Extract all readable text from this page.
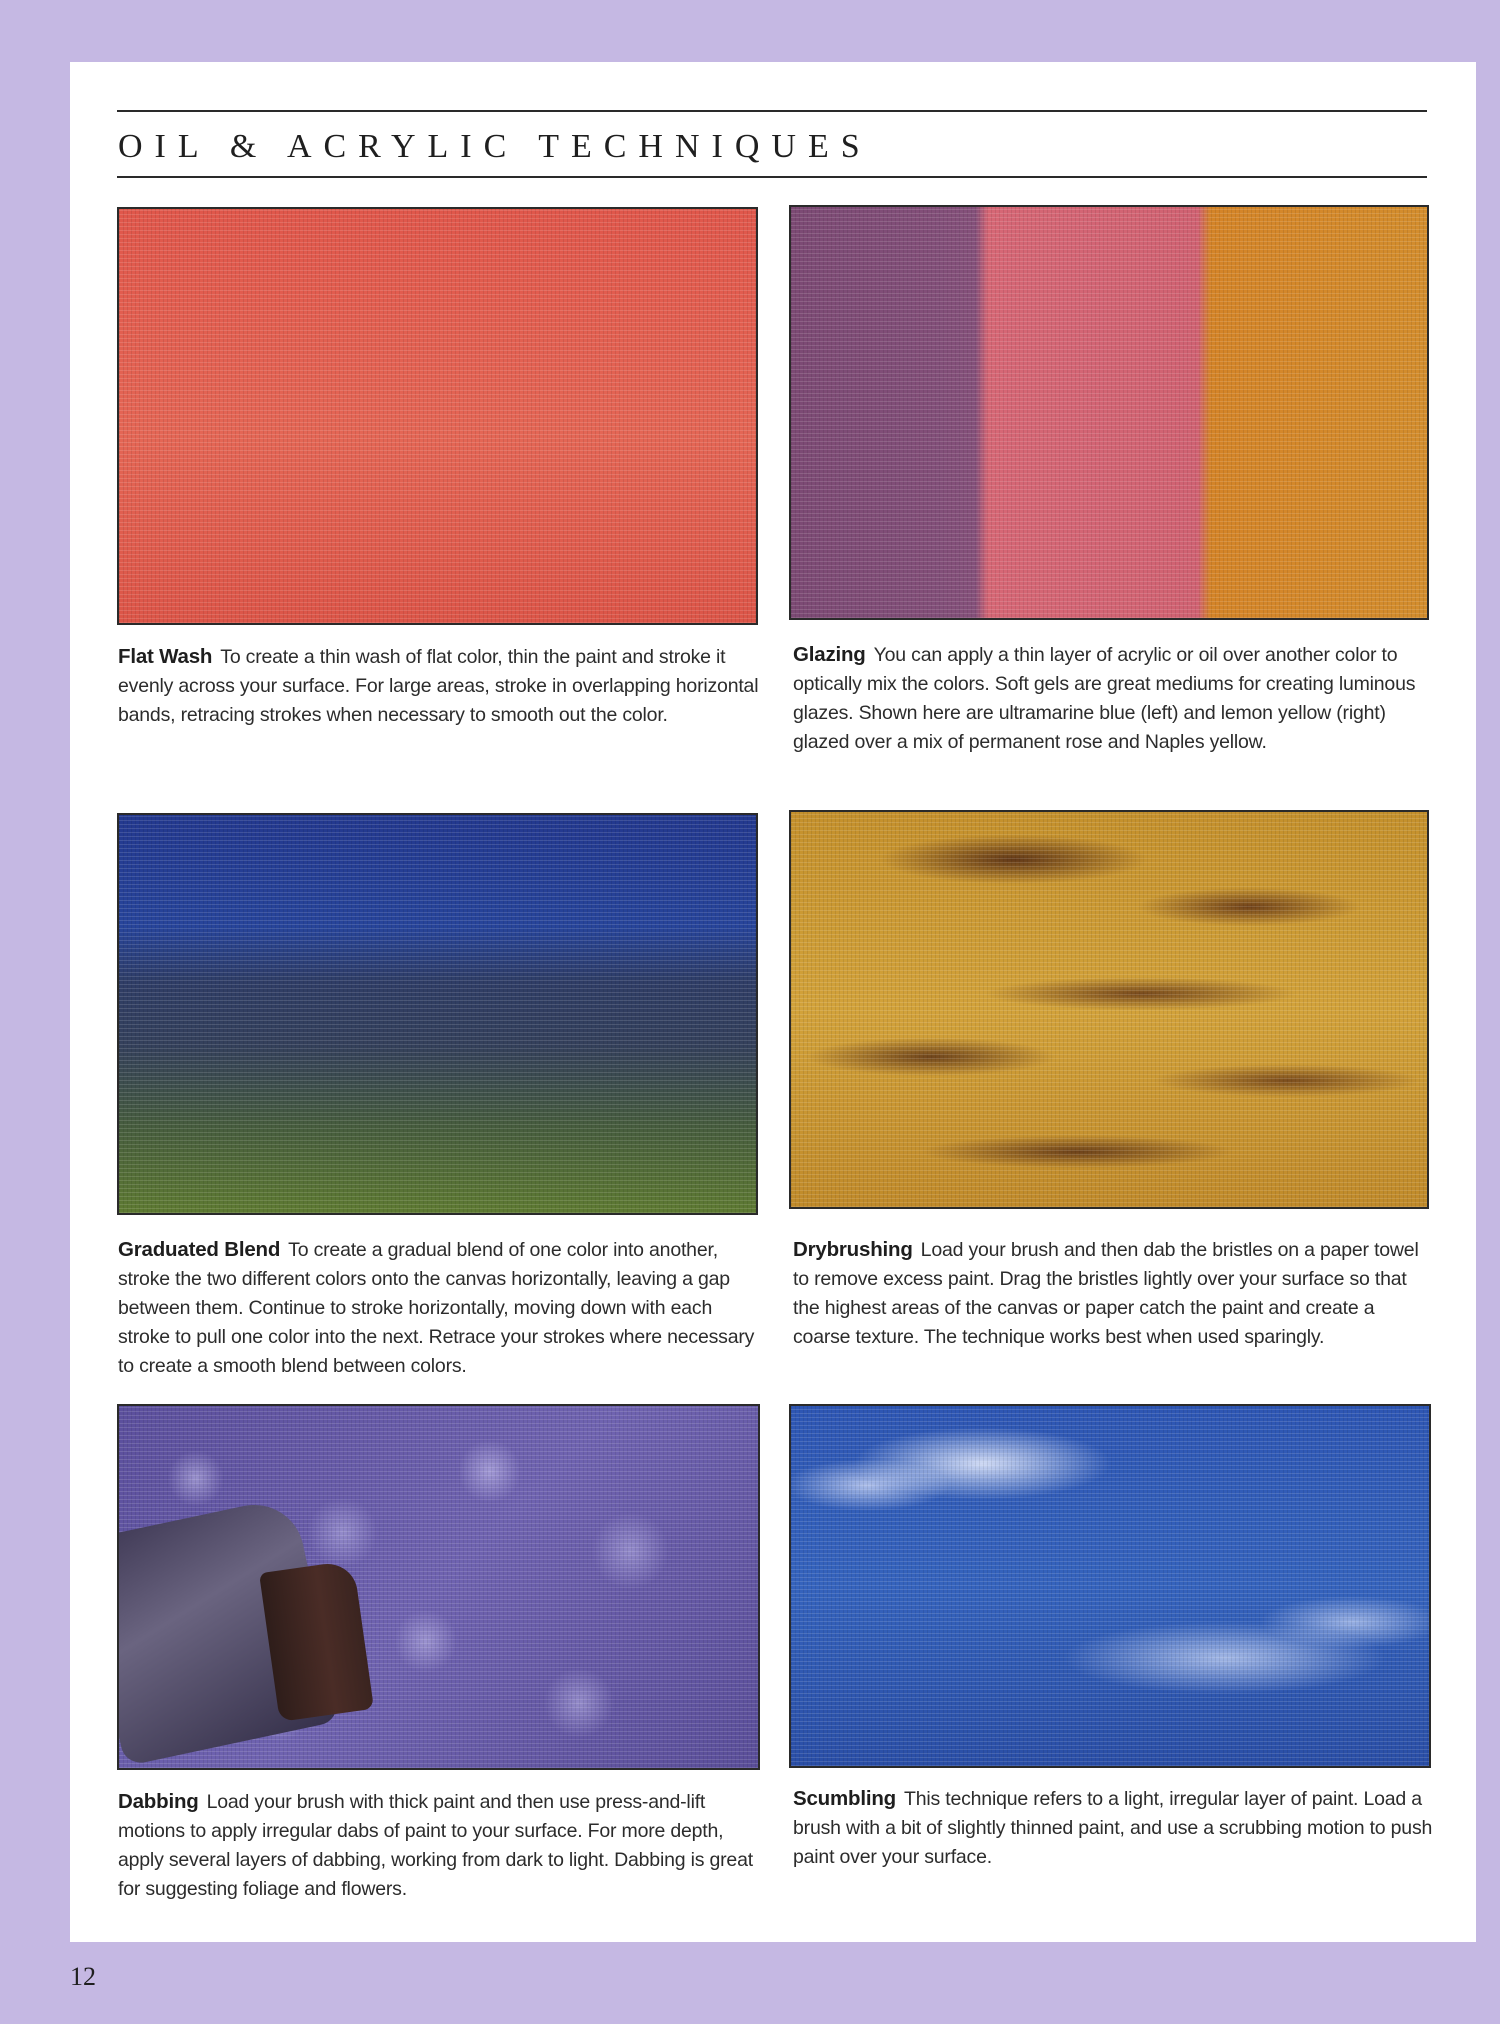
OIL & ACRYLIC TECHNIQUES
Flat Wash To create a thin wash of flat color, thin the paint and stroke it evenly across your surface. For large areas, stroke in overlapping horizontal bands, retracing strokes when necessary to smooth out the color.
Glazing You can apply a thin layer of acrylic or oil over another color to optically mix the colors. Soft gels are great mediums for creating luminous glazes. Shown here are ultramarine blue (left) and lemon yellow (right) glazed over a mix of permanent rose and Naples yellow.
Graduated Blend To create a gradual blend of one color into another, stroke the two different colors onto the canvas horizontally, leaving a gap between them. Continue to stroke horizontally, moving down with each stroke to pull one color into the next. Retrace your strokes where necessary to create a smooth blend between colors.
Drybrushing Load your brush and then dab the bristles on a paper towel to remove excess paint. Drag the bristles lightly over your surface so that the highest areas of the canvas or paper catch the paint and create a coarse texture. The technique works best when used sparingly.
Dabbing Load your brush with thick paint and then use press-and-lift motions to apply irregular dabs of paint to your surface. For more depth, apply several layers of dabbing, working from dark to light. Dabbing is great for suggesting foliage and flowers.
Scumbling This technique refers to a light, irregular layer of paint. Load a brush with a bit of slightly thinned paint, and use a scrubbing motion to push paint over your surface.
12
